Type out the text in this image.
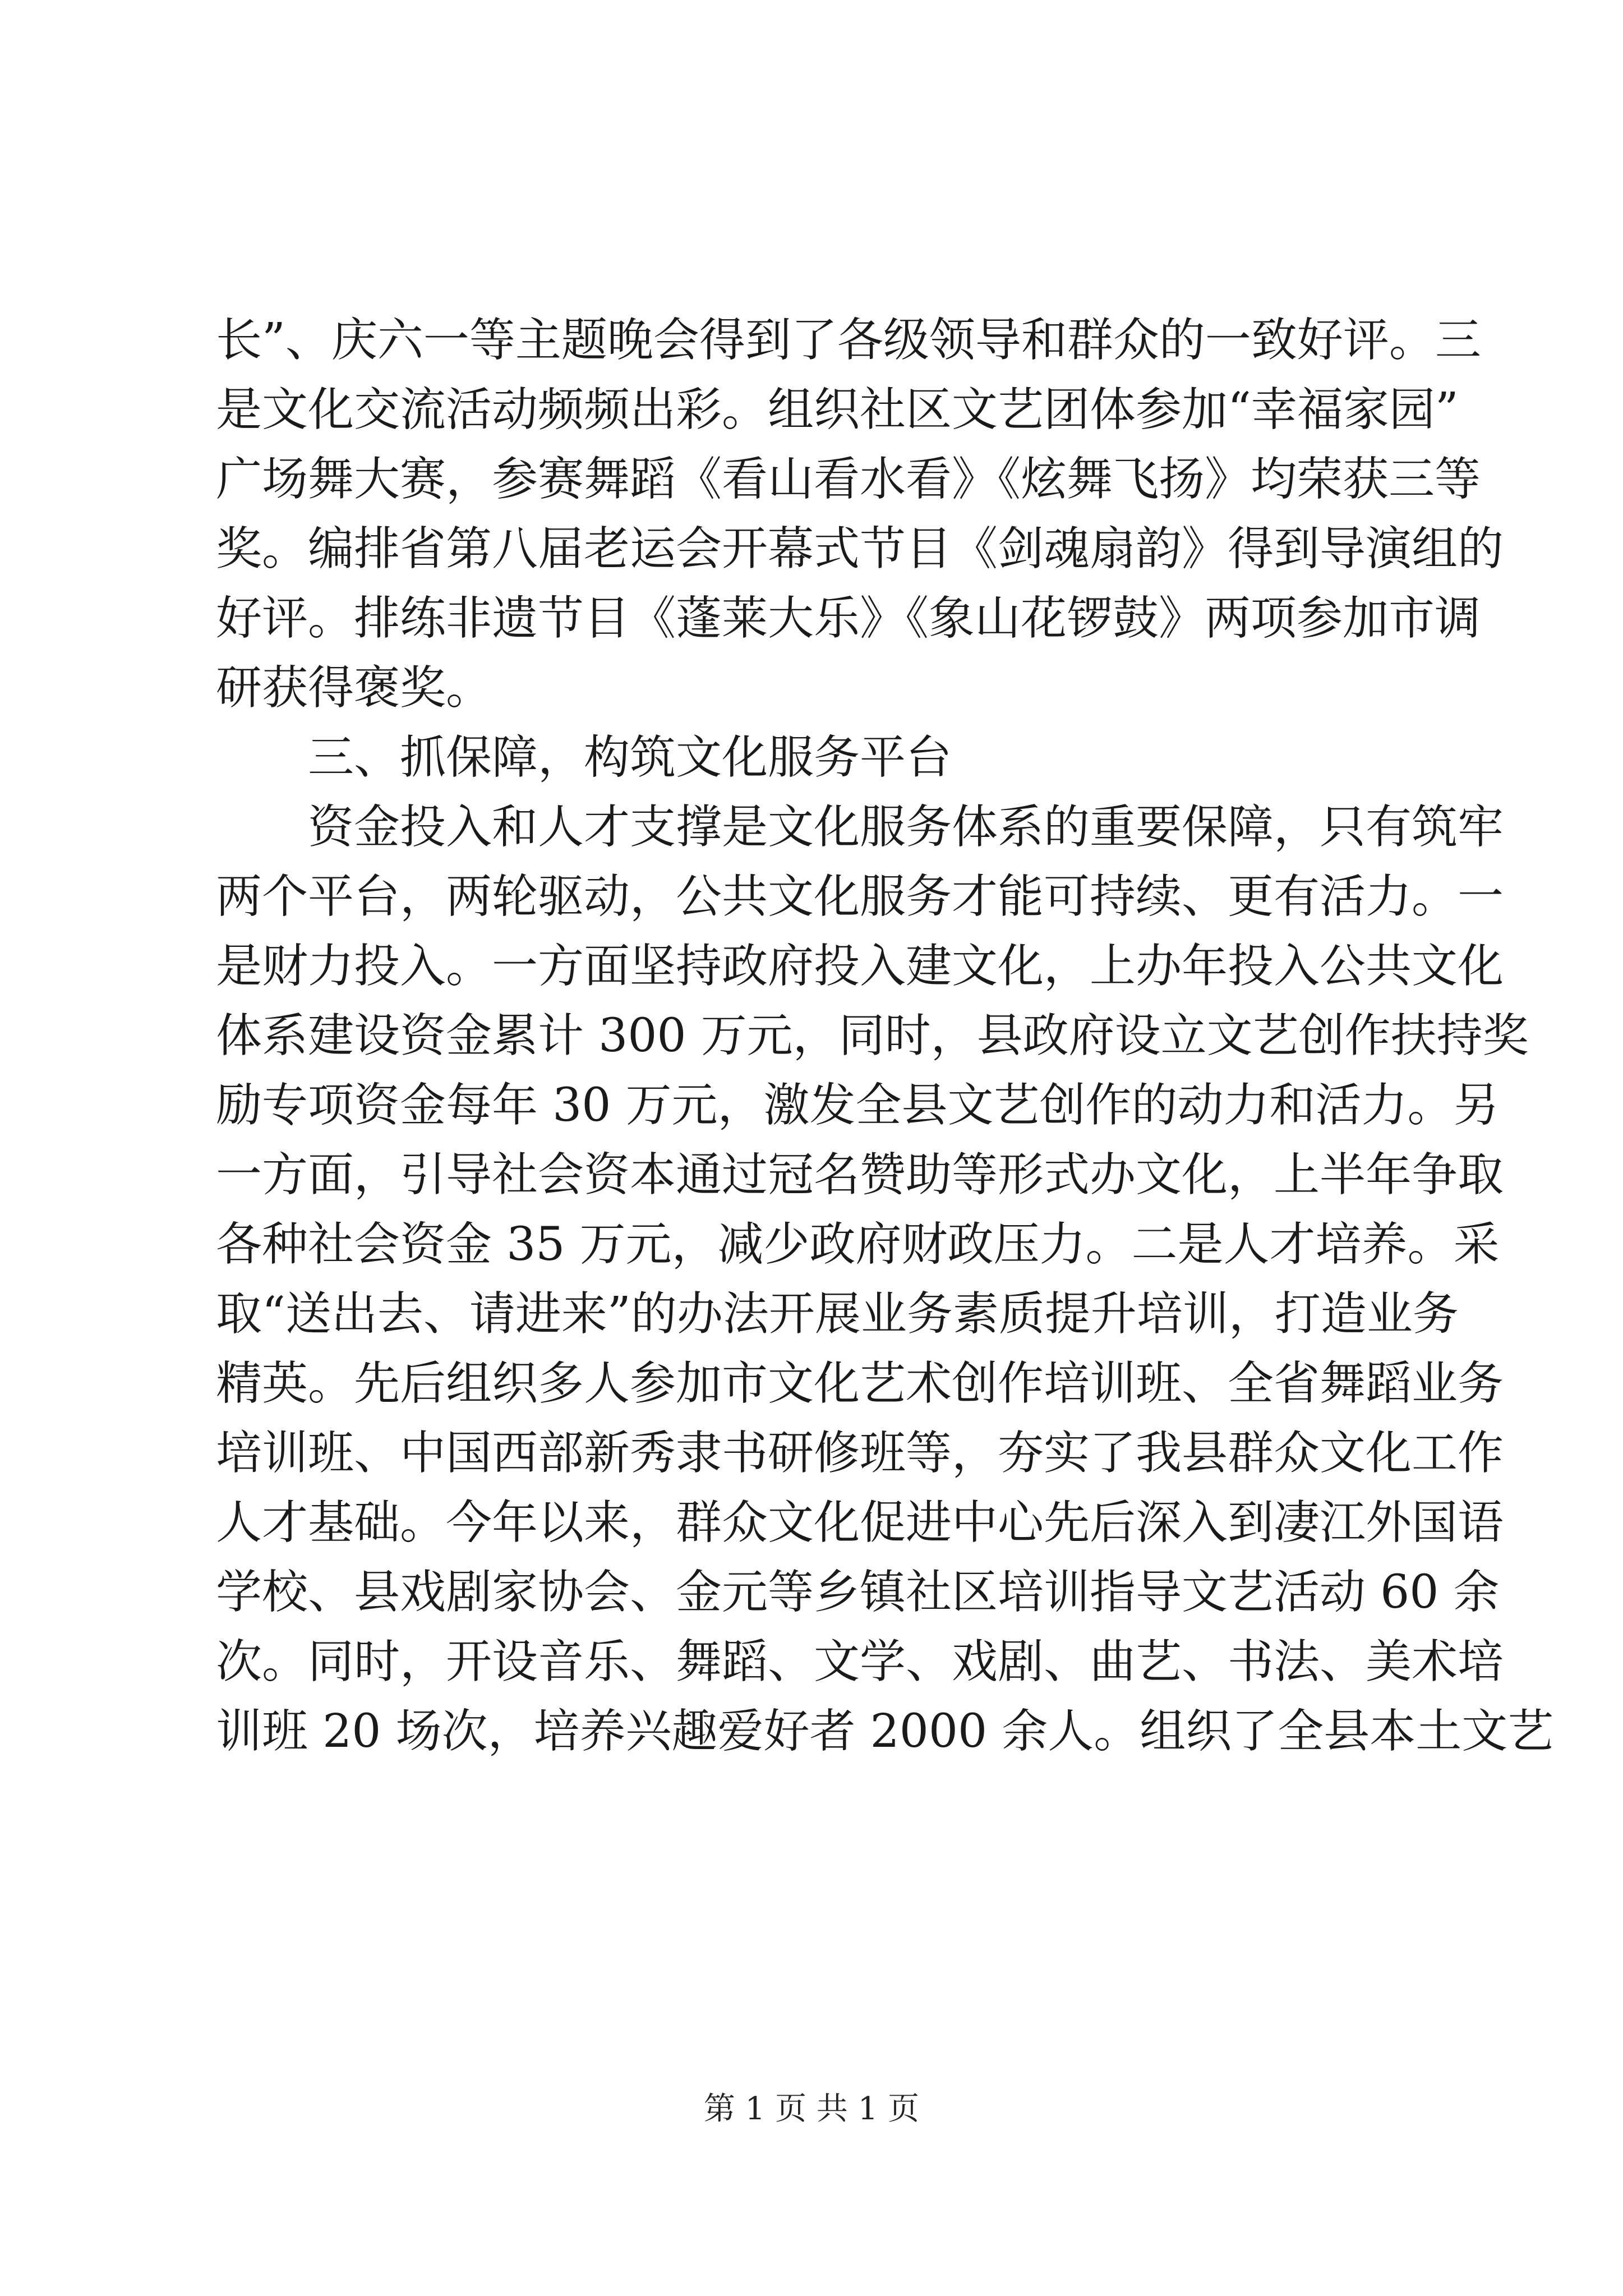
长”、庆六一等主题晚会得到了各级领导和群众的一致好评。三
是文化交流活动频频出彩。组织社区文艺团体参加“幸福家园”
广场舞大赛，参赛舞蹈《看山看水看》《炫舞飞扬》均荣获三等
奖。编排省第八届老运会开幕式节目《剑魂扇韵》得到导演组的
好评。排练非遗节目《蓬莱大乐》《象山花锣鼓》两项参加市调
研获得褒奖。
　　三、抓保障，构筑文化服务平台
　　资金投入和人才支撑是文化服务体系的重要保障，只有筑牢
两个平台，两轮驱动，公共文化服务才能可持续、更有活力。一
是财力投入。一方面坚持政府投入建文化，上办年投入公共文化
体系建设资金累计 300 万元，同时，县政府设立文艺创作扶持奖
励专项资金每年 30 万元，激发全县文艺创作的动力和活力。另
一方面，引导社会资本通过冠名赞助等形式办文化，上半年争取
各种社会资金 35 万元，减少政府财政压力。二是人才培养。采
取“送出去、请进来”的办法开展业务素质提升培训，打造业务
精英。先后组织多人参加市文化艺术创作培训班、全省舞蹈业务
培训班、中国西部新秀隶书研修班等，夯实了我县群众文化工作
人才基础。今年以来，群众文化促进中心先后深入到凄江外国语
学校、县戏剧家协会、金元等乡镇社区培训指导文艺活动 60 余
次。同时，开设音乐、舞蹈、文学、戏剧、曲艺、书法、美术培
训班 20 场次，培养兴趣爱好者 2000 余人。组织了全县本土文艺
第 1 页 共 1 页
